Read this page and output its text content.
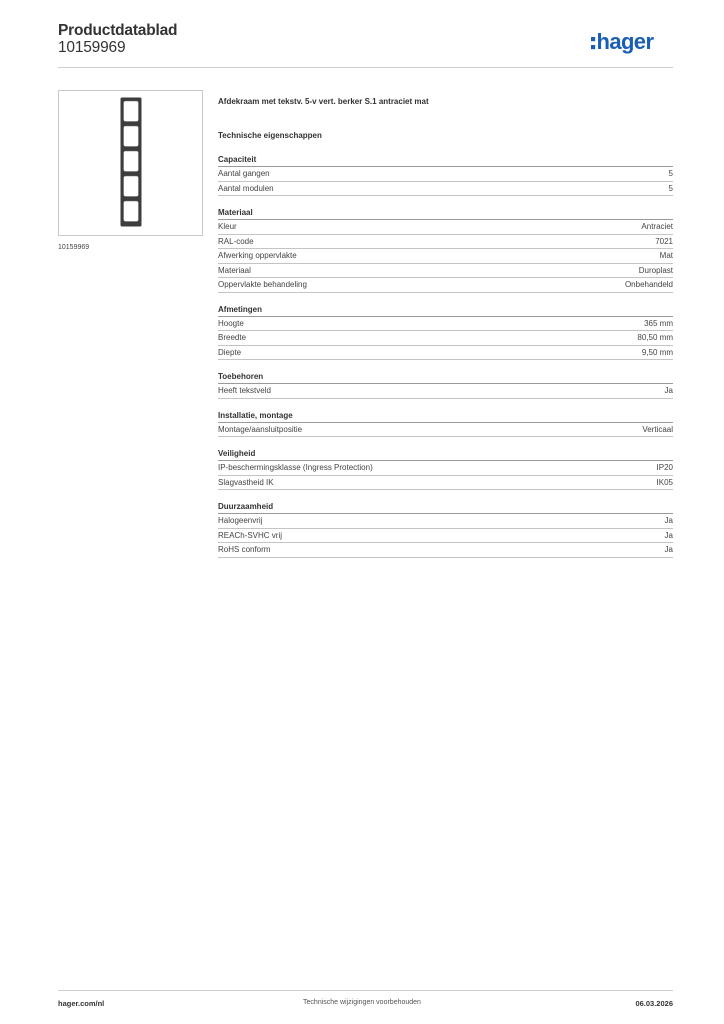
Productdatablad
10159969	hager
10159969
Afdekraam met tekstv. 5-v vert. berker S.1 antraciet mat
Technische eigenschappen
Capaciteit
Aantal gangen	5
Aantal modulen	5
Materiaal
Kleur	Antraciet
RAL-code	7021
Afwerking oppervlakte	Mat
Materiaal	Duroplast
Oppervlakte behandeling	Onbehandeld
Afmetingen
Hoogte	365 mm
Breedte	80,50 mm
Diepte	9,50 mm
Toebehoren
Heeft tekstveld	Ja
Installatie, montage
Montage/aansluitpositie	Verticaal
Veiligheid
IP-beschermingsklasse (Ingress Protection)	IP20
Slagvastheid IK	IK05
Duurzaamheid
Halogeenvrij	Ja
REACh-SVHC vrij	Ja
RoHS conform	Ja
hager.com/nl	Technische wijzigingen voorbehouden	06.03.2026
